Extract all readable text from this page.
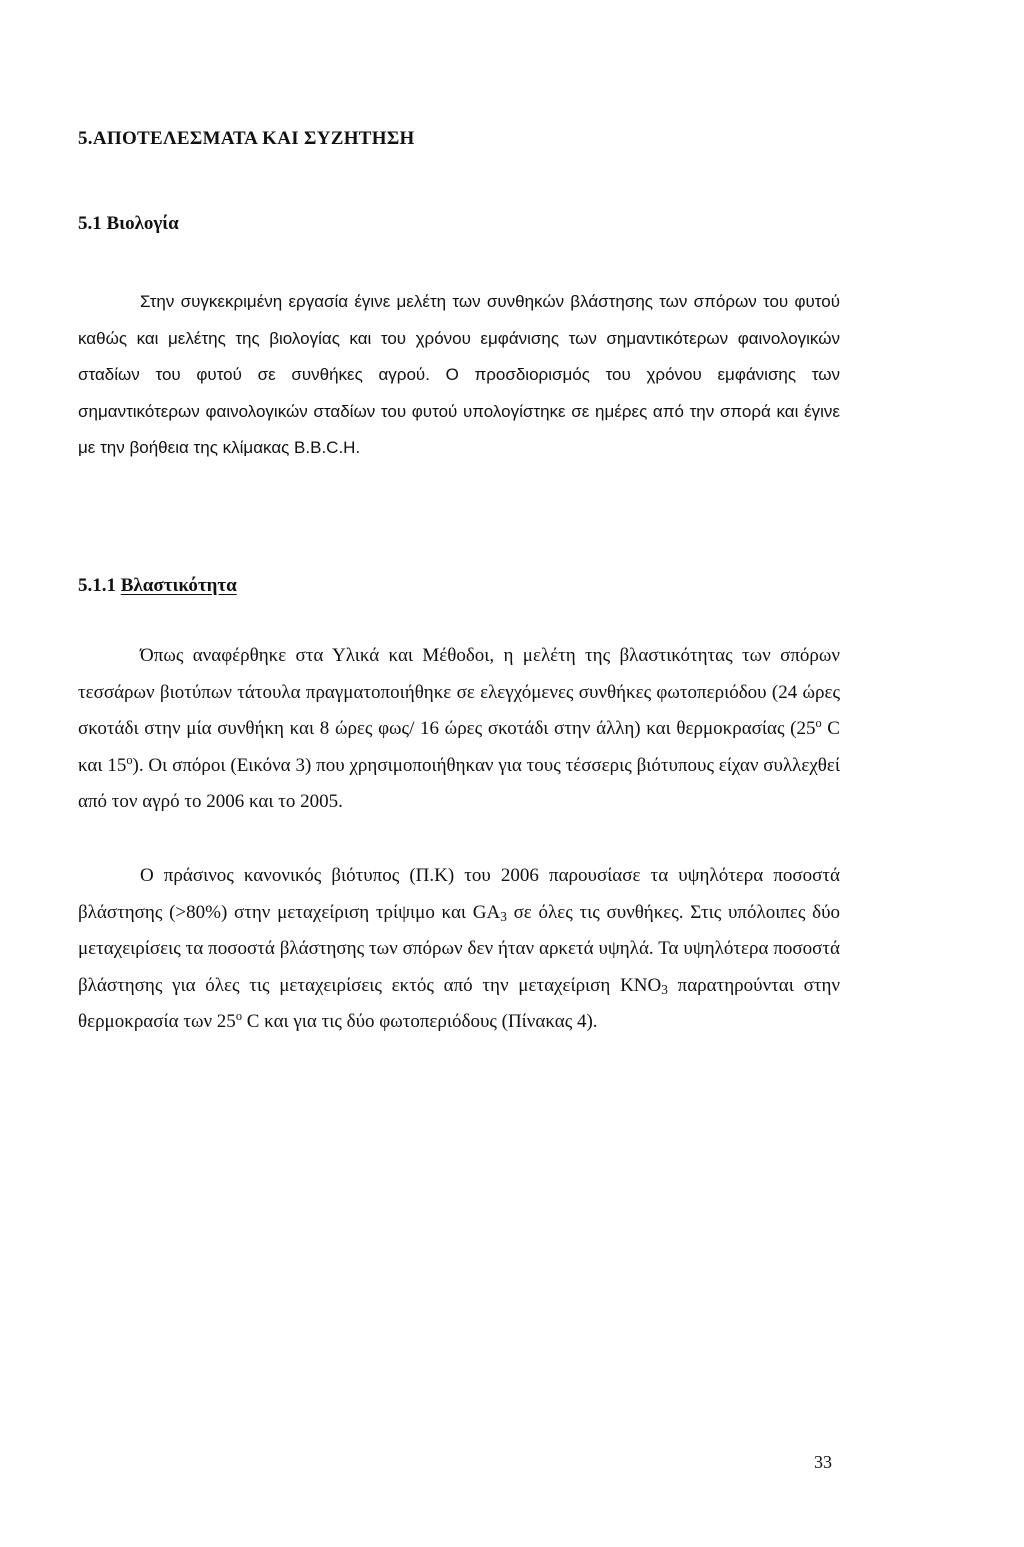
5.ΑΠΟΤΕΛΕΣΜΑΤΑ ΚΑΙ ΣΥΖΗΤΗΣΗ
5.1 Βιολογία

Στην συγκεκριμένη εργασία έγινε μελέτη των συνθηκών βλάστησης των σπόρων του φυτού καθώς και μελέτης της βιολογίας και του χρόνου εμφάνισης των σημαντικότερων φαινολογικών σταδίων του φυτού σε συνθήκες αγρού. Ο προσδιορισμός του χρόνου εμφάνισης των σημαντικότερων φαινολογικών σταδίων του φυτού υπολογίστηκε σε ημέρες από την σπορά και έγινε με την βοήθεια της κλίμακας Β.Β.C.H.

5.1.1 Βλαστικότητα

Όπως αναφέρθηκε στα Υλικά και Μέθοδοι, η μελέτη της βλαστικότητας των σπόρων τεσσάρων βιοτύπων τάτουλα πραγματοποιήθηκε σε ελεγχόμενες συνθήκες φωτοπεριόδου (24 ώρες σκοτάδι στην μία συνθήκη και 8 ώρες φως/ 16 ώρες σκοτάδι στην άλλη) και θερμοκρασίας (25$^o$ C και 15$^o$). Οι σπόροι (Εικόνα 3) που χρησιμοποιήθηκαν για τους τέσσερις βιότυπους είχαν συλλεχθεί από τον αγρό το 2006 και το 2005.

Ο πράσινος κανονικός βιότυπος (Π.Κ) του 2006 παρουσίασε τα υψηλότερα ποσοστά βλάστησης (>80%) στην μεταχείριση τρίψιμο και $GA_3$ σε όλες τις συνθήκες. Στις υπόλοιπες δύο μεταχειρίσεις τα ποσοστά βλάστησης των σπόρων δεν ήταν αρκετά υψηλά. Τα υψηλότερα ποσοστά βλάστησης για όλες τις μεταχειρίσεις εκτός από την μεταχείριση $KNO_3$ παρατηρούνται στην θερμοκρασία των 25$^o$ C και για τις δύο φωτοπεριόδους (Πίνακας 4).

33
